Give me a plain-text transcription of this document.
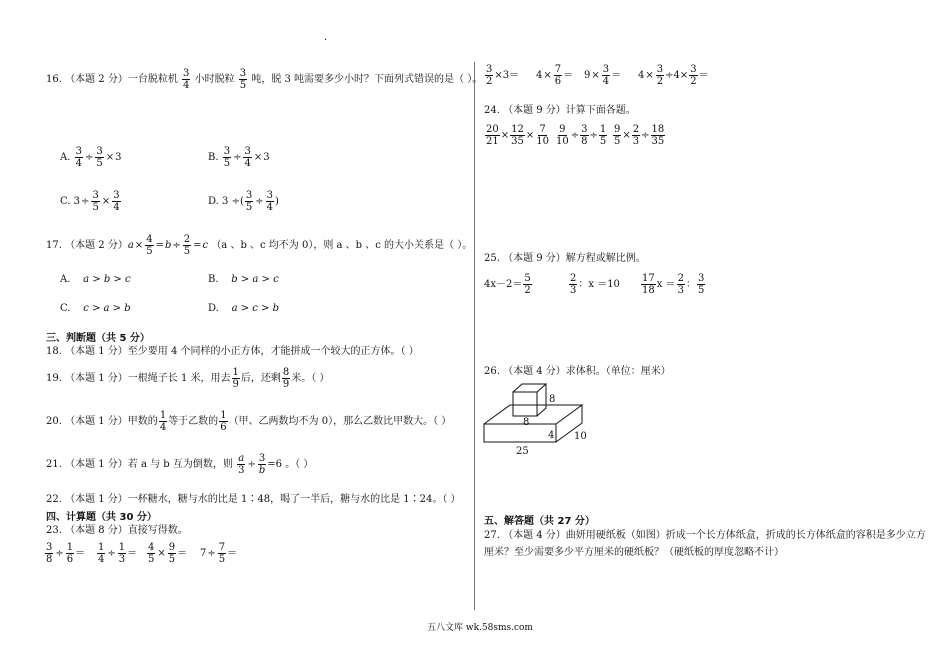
·
16. （本题 2 分）一台脱粒机 $\frac{3}{4}$ 小时脱粒 $\frac{3}{5}$ 吨，脱 3 吨需要多少小时？下面列式错误的是（ ）。
A. $\frac{3}{4} \div \frac{3}{5} \times 3$	B. $\frac{3}{5} \div \frac{3}{4} \times 3$
C. $3\div \frac{3}{5} \times \frac{3}{4}$	D. 3 ÷( $\frac{3}{5} \div \frac{3}{4}$ )
17. （本题 2 分）$a\times \frac{4}{5} =b\div \frac{2}{5} =c$ （a 、b 、c 均不为 0），则 a 、b 、c 的大小关系是（ ）。
A. a > b > c	B. b > a > c
C. c > a > b	D. a > c > b
三、判断题（共 5 分）
18. （本题 1 分）至少要用 4 个同样的小正方体，才能拼成一个较大的正方体。（ ）
19. （本题 1 分）一根绳子长 1 米，用去 $\frac{1}{9}$ 后，还剩 $\frac{8}{9}$ 米。（ ）
20. （本题 1 分）甲数的 $\frac{1}{4}$ 等于乙数的 $\frac{1}{6}$ （甲、乙两数均不为 0），那么乙数比甲数大。（ ）
21. （本题 1 分）若 a 与 b 互为倒数，则 $\frac{a}{3} \div \frac{3}{b} =6$ 。（ ）
22. （本题 1 分）一杯糖水，糖与水的比是 1∶48，喝了一半后，糖与水的比是 1∶24。（ ）
四、计算题（共 30 分）
23. （本题 8 分）直接写得数。
$\frac{3}{8} \div \frac{1}{6} = \frac{1}{4} \div \frac{1}{3} = \frac{4}{5} \times \frac{9}{5} = 7\div \frac{7}{5}$ ＝
$\frac{3}{2} \times 3= 4\times \frac{7}{6} = 9\times \frac{3}{4} = 4\times \frac{3}{2} \div 4\times \frac{3}{2}$ ＝
24. （本题 9 分）计算下面各题。
$\frac{20}{21} \times \frac{12}{35} \times \frac{7}{10} \frac{9}{10} \div \frac{3}{8} \div \frac{1}{5} \frac{9}{5} \times \frac{2}{3} \div \frac{18}{35}$
25. （本题 9 分）解方程或解比例。
$4x-2= \frac{5}{2}$	$\frac{2}{3}$ ：$x =10 \frac{17}{18}$ $x = \frac{2}{3}$ ： $\frac{3}{5}$
26. （本题 4 分）求体积。（单位：厘米）
8
8
4 10
25
五、解答题（共 27 分）
27. （本题 4 分）曲妍用硬纸板（如图）折成一个长方体纸盒，折成的长方体纸盒的容积是多少立方
厘米？至少需要多少平方厘米的硬纸板？（硬纸板的厚度忽略不计）
五八文库 wk.58sms.com
